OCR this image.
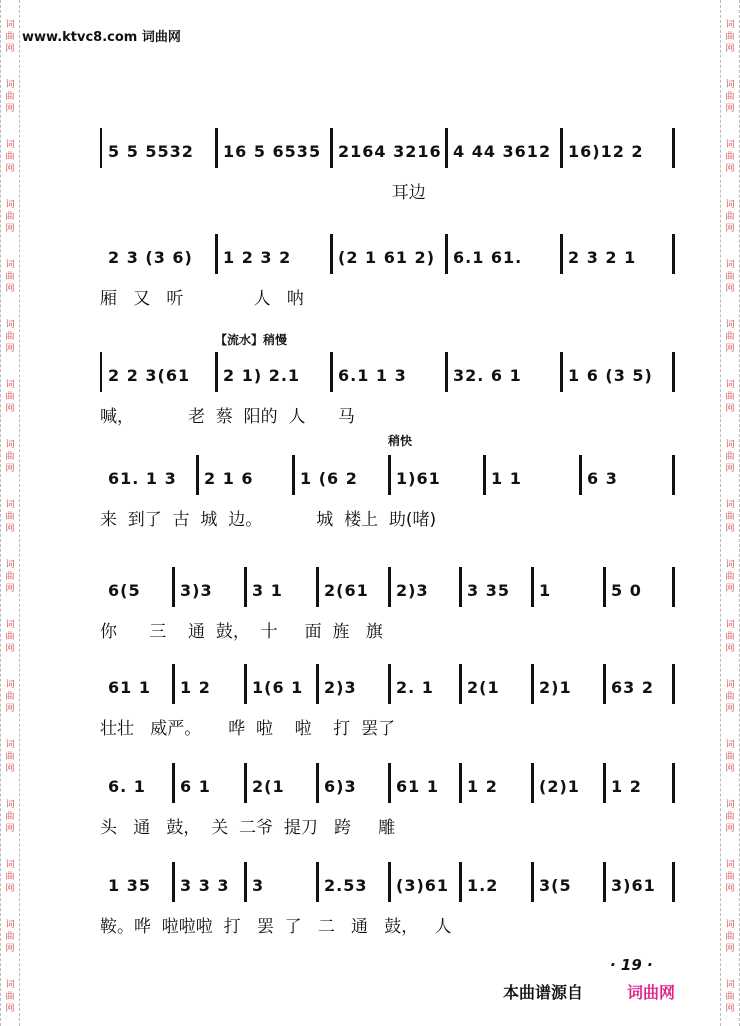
词
曲
网
词
曲
网
词
曲
网
词
曲
网
词
曲
网
词
曲
网
词
曲
网
词
曲
网
词
曲
网
词
曲
网
词
曲
网
词
曲
网
词
曲
网
词
曲
网
词
曲
网
词
曲
网
词
曲
网
词
曲
网
词
曲
网
词
曲
网
词
曲
网
词
曲
网
词
曲
网
词
曲
网
词
曲
网
词
曲
网
词
曲
网
词
曲
网
词
曲
网
词
曲
网
词
曲
网
词
曲
网
词
曲
网
词
曲
网
www.ktvc8.com 词曲网
【流水】稍慢
稍快
5 5 5532 16 5 6535 2164 3216 4 44 3612 16)12 2
耳边
2 3 (3 6) 1 2 3 2	(2 1 61 2) 6.1 61.	2 3 2 1
厢   又   听             人   呐
2 2 3(61 2 1) 2.1 6.1 1 3	32. 6 1	1 6 (3 5)
喊，          老  蔡  阳的  人      马
61. 1 3 2 1 6	1 (6 2 1)61	1 1	6 3
来  到了  古  城  边。          城  楼上  助(啫)
6(5 3)3 3 1	2(61 2)3 3 35 1	5 0
你      三    通  鼓，  十     面  旌   旗
61 1 1 2	1(6 1 2)3 2. 1 2(1 2)1 63 2
壮壮   威严。     哗  啦    啦    打  罢了
6. 1 6 1	2(1 6)3 61 1 1 2	(2)1 1 2
头   通   鼓，  关  二爷  提刀   跨     雕
1 35 3 3 3 3	2.53 (3)61 1.2	3(5 3)61
鞍。哗  啦啦啦  打   罢  了   二   通   鼓，   人
· 19 ·
本曲谱源自	词曲网
